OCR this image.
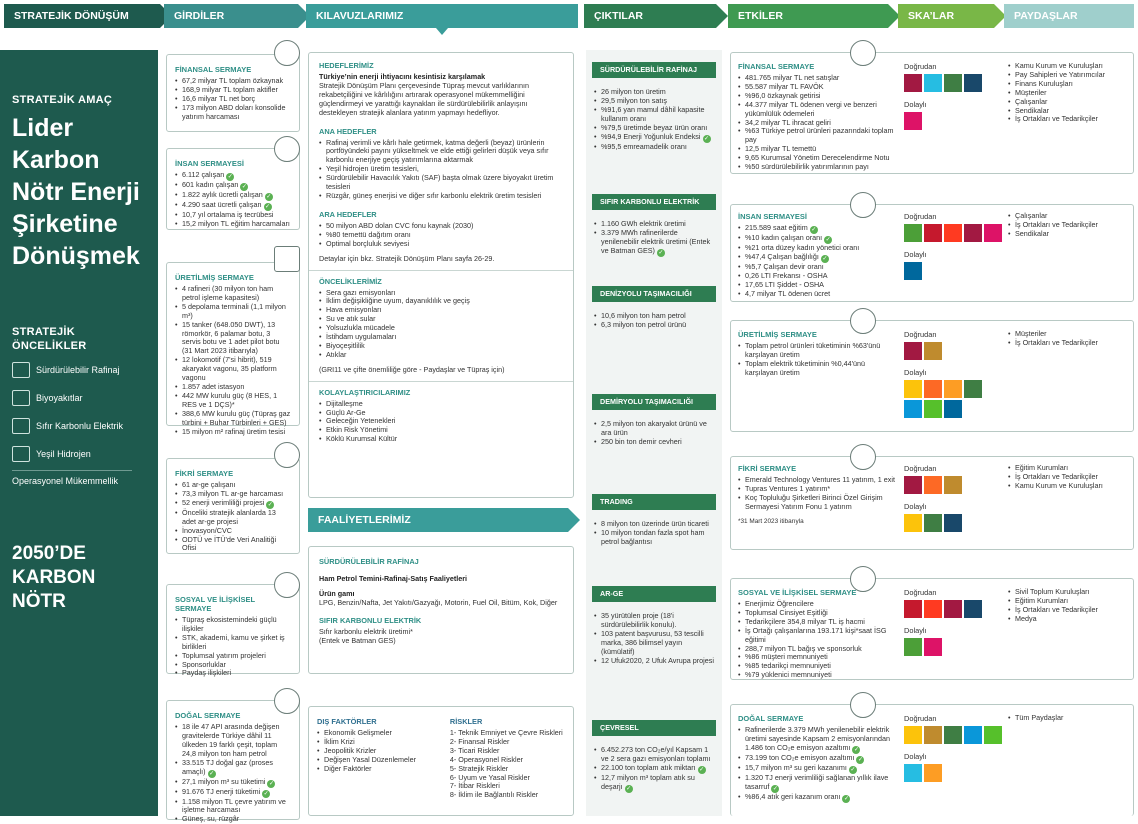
STRATEJİK DÖNÜŞÜM PLANI
GİRDİLER	KILAVUZLARIMIZ	ÇIKTILAR	ETKİLER	SKA’LAR	PAYDAŞLAR
STRATEJİK AMAÇ
Lider
Karbon
Nötr Enerji
Şirketine
Dönüşmek
STRATEJİK
ÖNCELİKLER
Sürdürülebilir Rafinaj
Biyoyakıtlar
Sıfır Karbonlu Elektrik
Yeşil Hidrojen
Operasyonel Mükemmellik
2050’DE
KARBON
NÖTR
FİNANSAL SERMAYE
• 67,2 milyar TL toplam özkaynak
• 168,9 milyar TL toplam aktifler
• 16,6 milyar TL net borç
• 173 milyon ABD doları konsolide yatırım harcaması
İNSAN SERMAYESİ
• 6.112 çalışan ✓
• 601 kadın çalışan ✓
• 1.822 aylık ücretli çalışan ✓
• 4.290 saat ücretli çalışan ✓
• 10,7 yıl ortalama iş tecrübesi
• 15,2 milyon TL eğitim harcamaları
ÜRETİLMİŞ SERMAYE
• 4 rafineri (30 milyon ton ham petrol işleme kapasitesi)
• 5 depolama terminali (1,1 milyon m³)
• 15 tanker (648.050 DWT), 13 römorkör, 6 palamar botu, 3 servis botu ve 1 adet pilot botu (31 Mart 2023 itibarıyla)
• 12 lokomotif (7'si hibrit), 519 akaryakıt vagonu, 35 platform vagonu
• 1.857 adet istasyon
• 442 MW kurulu güç (8 HES, 1 RES ve 1 DÇS)*
• 388,6 MW kurulu güç (Tüpraş gaz türbini + Buhar Türbinleri + GES)
• 15 milyon m² rafinaj üretim tesisi
FİKRİ SERMAYE
• 61 ar-ge çalışanı
• 73,3 milyon TL ar-ge harcaması
• 52 enerji verimliliği projesi ✓
• Önceliki stratejik alanlarda 13 adet ar-ge projesi
• İnovasyon/CVC
• ODTÜ ve İTÜ'de Veri Analitiği Ofisi
SOSYAL VE İLİŞKİSEL SERMAYE
• Tüpraş ekosistemindeki güçlü ilişkiler
• STK, akademi, kamu ve şirket iş birlikleri
• Toplumsal yatırım projeleri
• Sponsorluklar
• Paydaş ilişkileri
DOĞAL SERMAYE
• 18 ile 47 API arasında değişen gravitelerde Türkiye dâhil 11 ülkeden 19 farklı çeşit, toplam 24,8 milyon ton ham petrol
• 33.515 TJ doğal gaz (proses amaçlı) ✓
• 27,1 milyon m³ su tüketimi ✓
• 91.676 TJ enerji tüketimi ✓
• 1.158 milyon TL çevre yatırım ve işletme harcaması
• Güneş, su, rüzgâr
HEDEFLERİMİZ
Türkiye’nin enerji ihtiyacını kesintisiz karşılamak
Stratejik Dönüşüm Planı çerçevesinde Tüpraş mevcut varlıklarının rekabetçiliğini ve kârlılığını artırarak operasyonel mükemmelliğini güçlendirmeyi ve yarattığı kaynakları ile sürdürülebilirlik anlayışını destekleyen stratejik alanlara yatırım yapmayı hedefliyor.
ANA HEDEFLER
• Rafinaj verimli ve kârlı hale getirmek, katma değerli (beyaz) ürünlerin portföyündeki payını yükseltmek ve elde ettiği gelirleri düşük veya sıfır karbonlu enerjiye geçiş yatırımlarına aktarmak
• Yeşil hidrojen üretim tesisleri,
• Sürdürülebilir Havacılık Yakıtı (SAF) başta olmak üzere biyoyakıt üretim tesisleri
• Rüzgâr, güneş enerjisi ve diğer sıfır karbonlu elektrik üretim tesisleri
ARA HEDEFLER
• 50 milyon ABD dolan CVC fonu kaynak (2030)
• %80 temettü dağıtım oranı
• Optimal borçluluk seviyesi
Detaylar için bkz. Stratejik Dönüşüm Planı sayfa 26-29.
ÖNCELİKLERİMİZ
• Sera gazı emisyonları
• İklim değişikliğine uyum, dayanıklılık ve geçiş
• Hava emisyonları
• Su ve atık sular
• Yolsuzlukla mücadele
• İstihdam uygulamaları
• Biyoçeşitlilik
• Atıklar
(GRI11 ve çifte önemliliğe göre - Paydaşlar ve Tüpraş için)
KOLAYLAŞTIRICILARIMIZ
• Dijitalleşme
• Güçlü Ar-Ge
• Geleceğin Yetenekleri
• Etkin Risk Yönetimi
• Köklü Kurumsal Kültür
FAALİYETLERİMİZ
SÜRDÜRÜLEBİLİR RAFİNAJ
Ham Petrol Temini-Rafinaj-Satış Faaliyetleri
Ürün gamı
LPG, Benzin/Nafta, Jet Yakıtı/Gazyağı, Motorin, Fuel Oil, Bitüm, Kok, Diğer
SIFIR KARBONLU ELEKTRİK
Sıfır karbonlu elektrik üretimi*
(Entek ve Batman GES)
DIŞ FAKTÖRLER
• Ekonomik Gelişmeler
• İklim Krizi
• Jeopolitik Krizler
• Değişen Yasal Düzenlemeler
• Diğer Faktörler
RİSKLER
1- Teknik Emniyet ve Çevre Riskleri
2- Finansal Riskler
3- Ticari Riskler
4- Operasyonel Riskler
5- Stratejik Riskler
6- Uyum ve Yasal Riskler
7- İtibar Riskleri
8- İklim ile Bağlantılı Riskler
SÜRDÜRÜLEBİLİR RAFİNAJ
• 26 milyon ton üretim
• 29,5 milyon ton satış
• %91,6 yan mamul dâhil kapasite kullanım oranı
• %79,5 üretimde beyaz ürün oranı
• %94,9 Enerji Yoğunluk Endeksi ✓
• %95,5 emreamadelik oranı
SIFIR KARBONLU ELEKTRİK
• 1.160 GWh elektrik üretimi
• 3.379 MWh rafinerilerde yenilenebilir elektrik üretimi (Entek ve Batman GES) ✓
DENİZYOLU TAŞIMACILIĞI
• 10,6 milyon ton ham petrol
• 6,3 milyon ton petrol ürünü
DEMİRYOLU TAŞIMACILIĞI
• 2,5 milyon ton akaryakıt ürünü ve ara ürün
• 250 bin ton demir cevheri
TRADING
• 8 milyon ton üzerinde ürün ticareti
• 10 milyon tondan fazla spot ham petrol bağlantısı
AR-GE
• 35 yürütülen proje (18'i sürdürülebilirlik konulu).
• 103 patent başvurusu, 53 tescilli marka, 386 bilimsel yayın (kümülatif)
• 12 Ufuk2020, 2 Ufuk Avrupa projesi
ÇEVRESEL
• 6.452.273 ton CO₂e/yıl Kapsam 1 ve 2 sera gazı emisyonları toplamı
• 22.100 ton toplam atık miktarı ✓
• 12,7 milyon m³ toplam atık su deşarjı ✓
FİNANSAL SERMAYE
• 481.765 milyar TL net satışlar
• 55.587 milyar TL FAVÖK
• %96,0 özkaynak getirisi
• 44.377 milyar TL ödenen vergi ve benzeri yükümlülük ödemeleri
• 34,2 milyar TL ihracat geliri
• %63 Türkiye petrol ürünleri pazarındaki toplam pay
• 12,5 milyar TL temettü
• 9,65 Kurumsal Yönetim Derecelendirme Notu
• %50 sürdürülebilirlik yatırımlarının payı
Doğrudan
Dolaylı
• Kamu Kurum ve Kuruluşları
• Pay Sahipleri ve Yatırımcılar
• Finans Kuruluşları
• Müşteriler
• Çalışanlar
• Sendikalar
• İş Ortakları ve Tedarikçiler
İNSAN SERMAYESİ
• 215.589 saat eğitim ✓
• %10 kadın çalışan oranı ✓
• %21 orta düzey kadın yönetici oranı
• %47,4 Çalışan bağlılığı ✓
• %5,7 Çalışan devir oranı
• 0,26 LTI Frekansı - OSHA
• 17,65 LTI Şiddet - OSHA
• 4,7 milyar TL ödenen ücret
Doğrudan
Dolaylı
• Çalışanlar
• İş Ortakları ve Tedarikçiler
• Sendikalar
ÜRETİLMİŞ SERMAYE
• Toplam petrol ürünleri tüketiminin %63'ünü karşılayan üretim
• Toplam elektrik tüketiminin %0,44'ünü karşılayan üretim
Doğrudan
Dolaylı
• Müşteriler
• İş Ortakları ve Tedarikçiler
FİKRİ SERMAYE
• Emerald Technology Ventures 11 yatırım, 1 exit
• Tupras Ventures 1 yatırım*
• Koç Topluluğu Şirketleri Birinci Özel Girişim Sermayesi Yatırım Fonu 1 yatırım
*31 Mart 2023 itibarıyla
Doğrudan
Dolaylı
• Eğitim Kurumları
• İş Ortakları ve Tedarikçiler
• Kamu Kurum ve Kuruluşları
SOSYAL VE İLİŞKİSEL SERMAYE
• Enerjimiz Öğrencilere
• Toplumsal Cinsiyet Eşitliği
• Tedarikçilere 354,8 milyar TL iş hacmi
• İş Ortağı çalışanlarına 193.171 kişi*saat İSG eğitimi
• 288,7 milyon TL bağış ve sponsorluk
• %86 müşteri memnuniyeti
• %85 tedarikçi memnuniyeti
• %79 yüklenici memnuniyeti
Doğrudan
Dolaylı
• Sivil Toplum Kuruluşları
• Eğitim Kurumları
• İş Ortakları ve Tedarikçiler
• Medya
DOĞAL SERMAYE
• Rafinerilerde 3.379 MWh yenilenebilir elektrik üretimi sayesinde Kapsam 2 emisyonlarından 1.486 ton CO₂e emisyon azaltımı ✓
• 73.199 ton CO₂e emisyon azaltımı ✓
• 15,7 milyon m³ su geri kazanımı ✓
• 1.320 TJ enerji verimliliği sağlanan yıllık ilave tasarruf ✓
• %86,4 atık geri kazanım oranı ✓
Doğrudan
Dolaylı
• Tüm Paydaşlar
